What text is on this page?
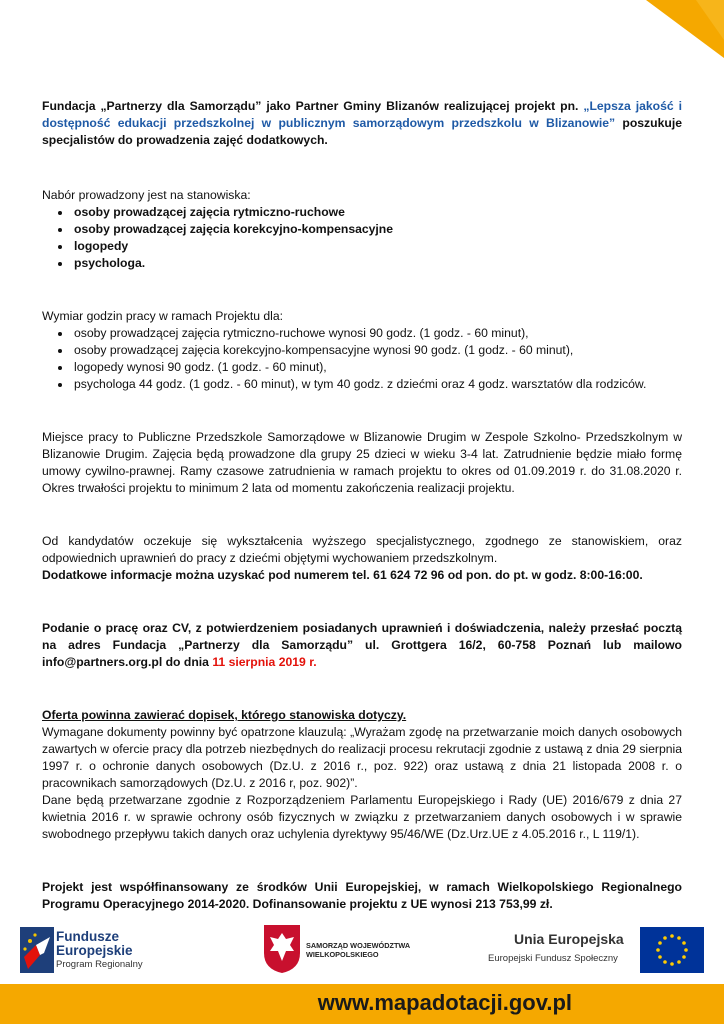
Fundacja „Partnerzy dla Samorządu” jako Partner Gminy Blizanów realizującej projekt pn. „Lepsza jakość i dostępność edukacji przedszkolnej w publicznym samorządowym przedszkolu w Blizanowie” poszukuje specjalistów do prowadzenia zajęć dodatkowych.

Nabór prowadzony jest na stanowiska:

• osoby prowadzącej zajęcia rytmiczno-ruchowe
• osoby prowadzącej zajęcia korekcyjno-kompensacyjne
• logopedy
• psychologa.

Wymiar godzin pracy w ramach Projektu dla:

• osoby prowadzącej zajęcia rytmiczno-ruchowe wynosi 90 godz. (1 godz. - 60 minut),
• osoby prowadzącej zajęcia korekcyjno-kompensacyjne wynosi 90 godz. (1 godz. - 60 minut),
• logopedy wynosi 90 godz. (1 godz. - 60 minut),
• psychologa 44 godz. (1 godz. - 60 minut), w tym 40 godz. z dziećmi oraz 4 godz. warsztatów dla rodziców.

Miejsce pracy to Publiczne Przedszkole Samorządowe w Blizanowie Drugim w Zespole Szkolno- Przedszkolnym w Blizanowie Drugim. Zajęcia będą prowadzone dla grupy 25 dzieci w wieku 3-4 lat. Zatrudnienie będzie miało formę umowy cywilno-prawnej. Ramy czasowe zatrudnienia w ramach projektu to okres od 01.09.2019 r. do 31.08.2020 r. Okres trwałości projektu to minimum 2 lata od momentu zakończenia realizacji projektu.

Od kandydatów oczekuje się wykształcenia wyższego specjalistycznego, zgodnego ze stanowiskiem, oraz odpowiednich uprawnień do pracy z dziećmi objętymi wychowaniem przedszkolnym.

Dodatkowe informacje można uzyskać pod numerem tel. 61 624 72 96 od pon. do pt. w godz. 8:00-16:00.

Podanie o pracę oraz CV, z potwierdzeniem posiadanych uprawnień i doświadczenia, należy przesłać pocztą na adres Fundacja „Partnerzy dla Samorządu” ul. Grottgera 16/2, 60-758 Poznań lub mailowo info@partners.org.pl do dnia 11 sierpnia 2019 r.

Oferta powinna zawierać dopisek, którego stanowiska dotyczy.

Wymagane dokumenty powinny być opatrzone klauzulą: „Wyrażam zgodę na przetwarzanie moich danych osobowych zawartych w ofercie pracy dla potrzeb niezbędnych do realizacji procesu rekrutacji zgodnie z ustawą z dnia 29 sierpnia 1997 r. o ochronie danych osobowych (Dz.U. z 2016 r., poz. 922) oraz ustawą z dnia 21 listopada 2008 r. o pracownikach samorządowych (Dz.U. z 2016 r, poz. 902)”.

Dane będą przetwarzane zgodnie z Rozporządzeniem Parlamentu Europejskiego i Rady (UE) 2016/679 z dnia 27 kwietnia 2016 r. w sprawie ochrony osób fizycznych w związku z przetwarzaniem danych osobowych i w sprawie swobodnego przepływu takich danych oraz uchylenia dyrektywy 95/46/WE (Dz.Urz.UE z 4.05.2016 r., L 119/1).

Projekt jest współfinansowany ze środków Unii Europejskiej, w ramach Wielkopolskiego Regionalnego Programu Operacyjnego 2014-2020. Dofinansowanie projektu z UE wynosi 213 753,99 zł.

Fundusze
Europejskie
Program Regionalny
SAMORZĄD WOJEWÓDZTWA
WIELKOPOLSKIEGO
Unia Europejska
Europejski Fundusz Społeczny
www.mapadotacji.gov.pl
